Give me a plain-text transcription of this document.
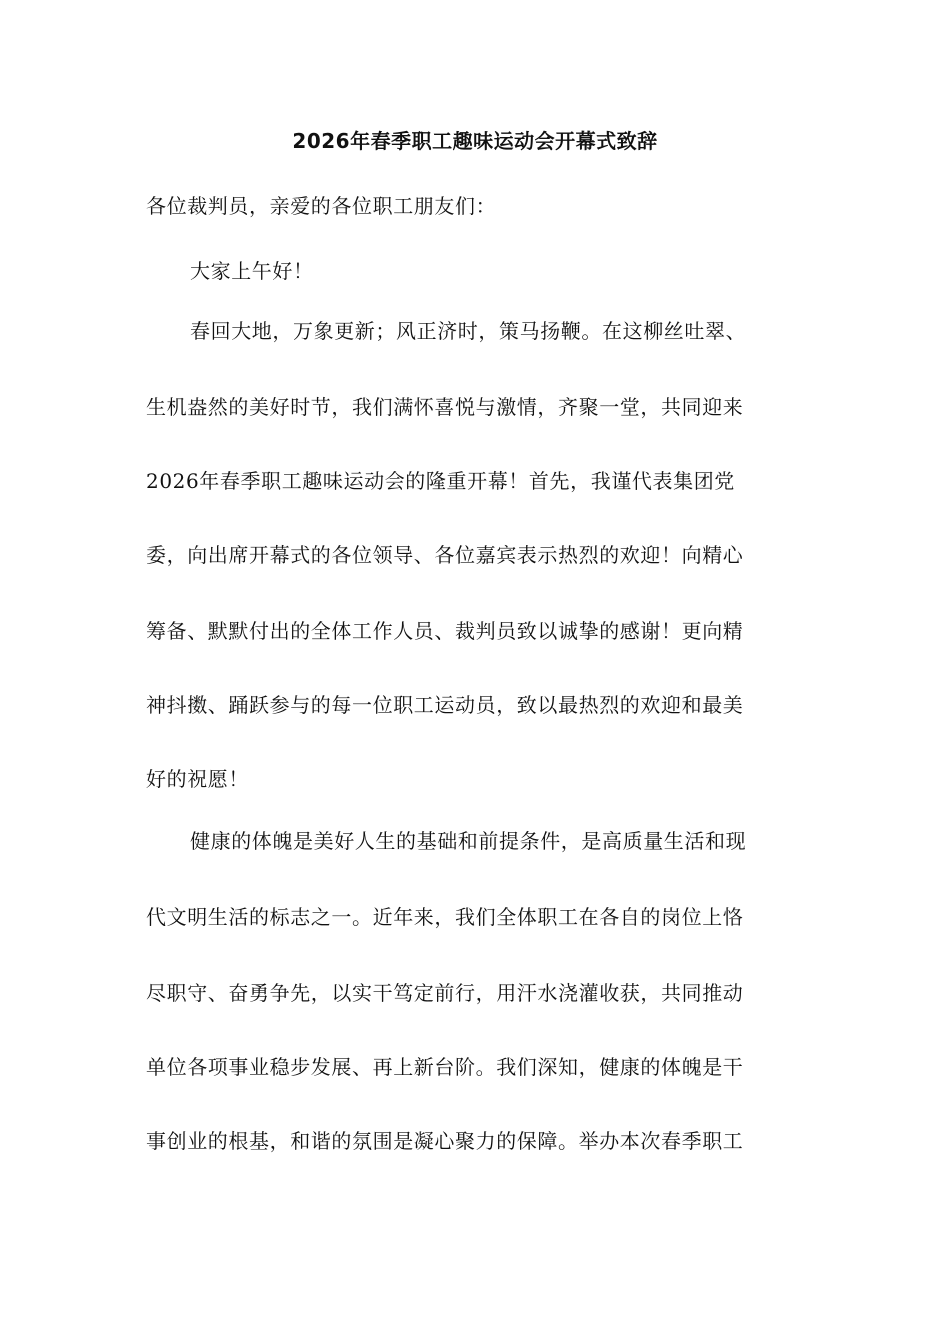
2026年春季职工趣味运动会开幕式致辞
各位裁判员，亲爱的各位职工朋友们：
大家上午好！
春回大地，万象更新；风正济时，策马扬鞭。在这柳丝吐翠、
生机盎然的美好时节，我们满怀喜悦与激情，齐聚一堂，共同迎来
2026年春季职工趣味运动会的隆重开幕！首先，我谨代表集团党
委，向出席开幕式的各位领导、各位嘉宾表示热烈的欢迎！向精心
筹备、默默付出的全体工作人员、裁判员致以诚挚的感谢！更向精
神抖擞、踊跃参与的每一位职工运动员，致以最热烈的欢迎和最美
好的祝愿！
健康的体魄是美好人生的基础和前提条件，是高质量生活和现
代文明生活的标志之一。近年来，我们全体职工在各自的岗位上恪
尽职守、奋勇争先，以实干笃定前行，用汗水浇灌收获，共同推动
单位各项事业稳步发展、再上新台阶。我们深知，健康的体魄是干
事创业的根基，和谐的氛围是凝心聚力的保障。举办本次春季职工
